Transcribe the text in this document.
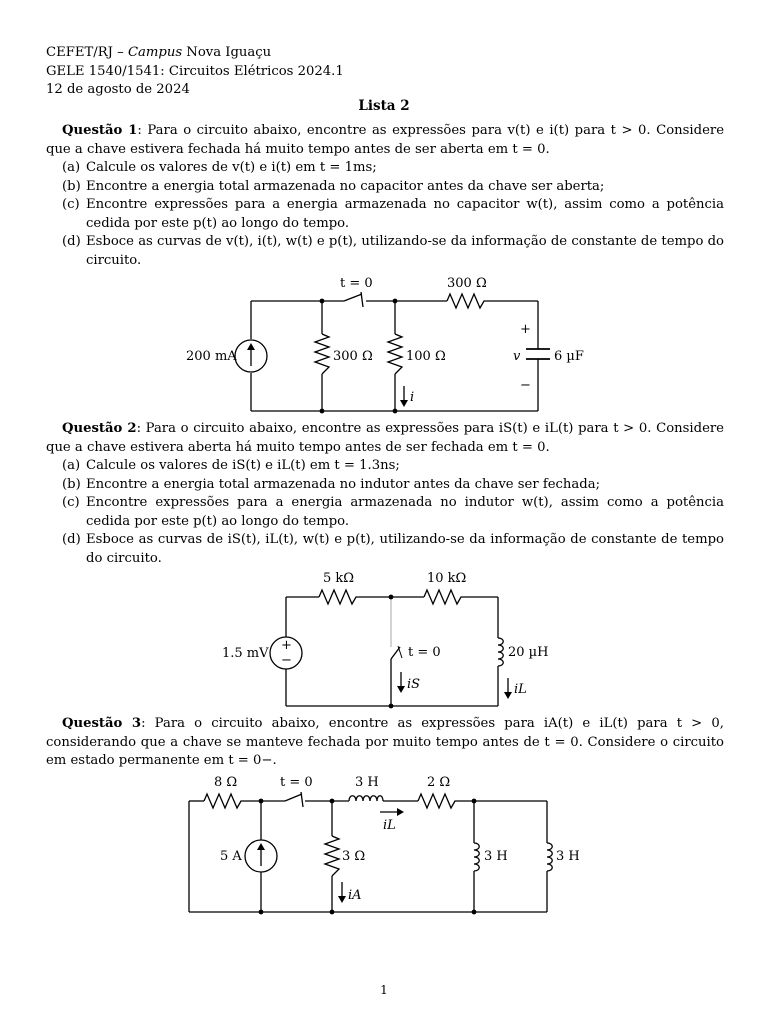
CEFET/RJ – Campus Nova Iguaçu
GELE 1540/1541: Circuitos Elétricos 2024.1
12 de agosto de 2024
Lista 2

Questão 1: Para o circuito abaixo, encontre as expressões para v(t) e i(t) para t > 0. Considere que a chave estivera fechada há muito tempo antes de ser aberta em t = 0.

(a) Calcule os valores de v(t) e i(t) em t = 1ms;
(b) Encontre a energia total armazenada no capacitor antes da chave ser aberta;
(c) Encontre expressões para a energia armazenada no capacitor w(t), assim como a potência cedida por este p(t) ao longo do tempo.
(d) Esboce as curvas de v(t), i(t), w(t) e p(t), utilizando-se da informação de constante de tempo do circuito.
t = 0	300 Ω
200 mA	300 Ω	100 Ω
i
+
−
v	6 µF

Questão 2: Para o circuito abaixo, encontre as expressões para iS(t) e iL(t) para t > 0. Considere que a chave estivera aberta há muito tempo antes de ser fechada em t = 0.

(a) Calcule os valores de iS(t) e iL(t) em t = 1.3ns;
(b) Encontre a energia total armazenada no indutor antes da chave ser fechada;
(c) Encontre expressões para a energia armazenada no indutor w(t), assim como a potência cedida por este p(t) ao longo do tempo.
(d) Esboce as curvas de iS(t), iL(t), w(t) e p(t), utilizando-se da informação de constante de tempo do circuito.
+
−
5 kΩ	10 kΩ
1.5 mV	t = 0	20 µH
iS	iL

Questão 3: Para o circuito abaixo, encontre as expressões para iA(t) e iL(t) para t > 0, considerando que a chave se manteve fechada por muito tempo antes de t = 0. Considere o circuito em estado permanente em t = 0−.

8 Ω	t = 0	3 H	2 Ω
iL
5 A	3 Ω
iA
3 H	3 H
1
